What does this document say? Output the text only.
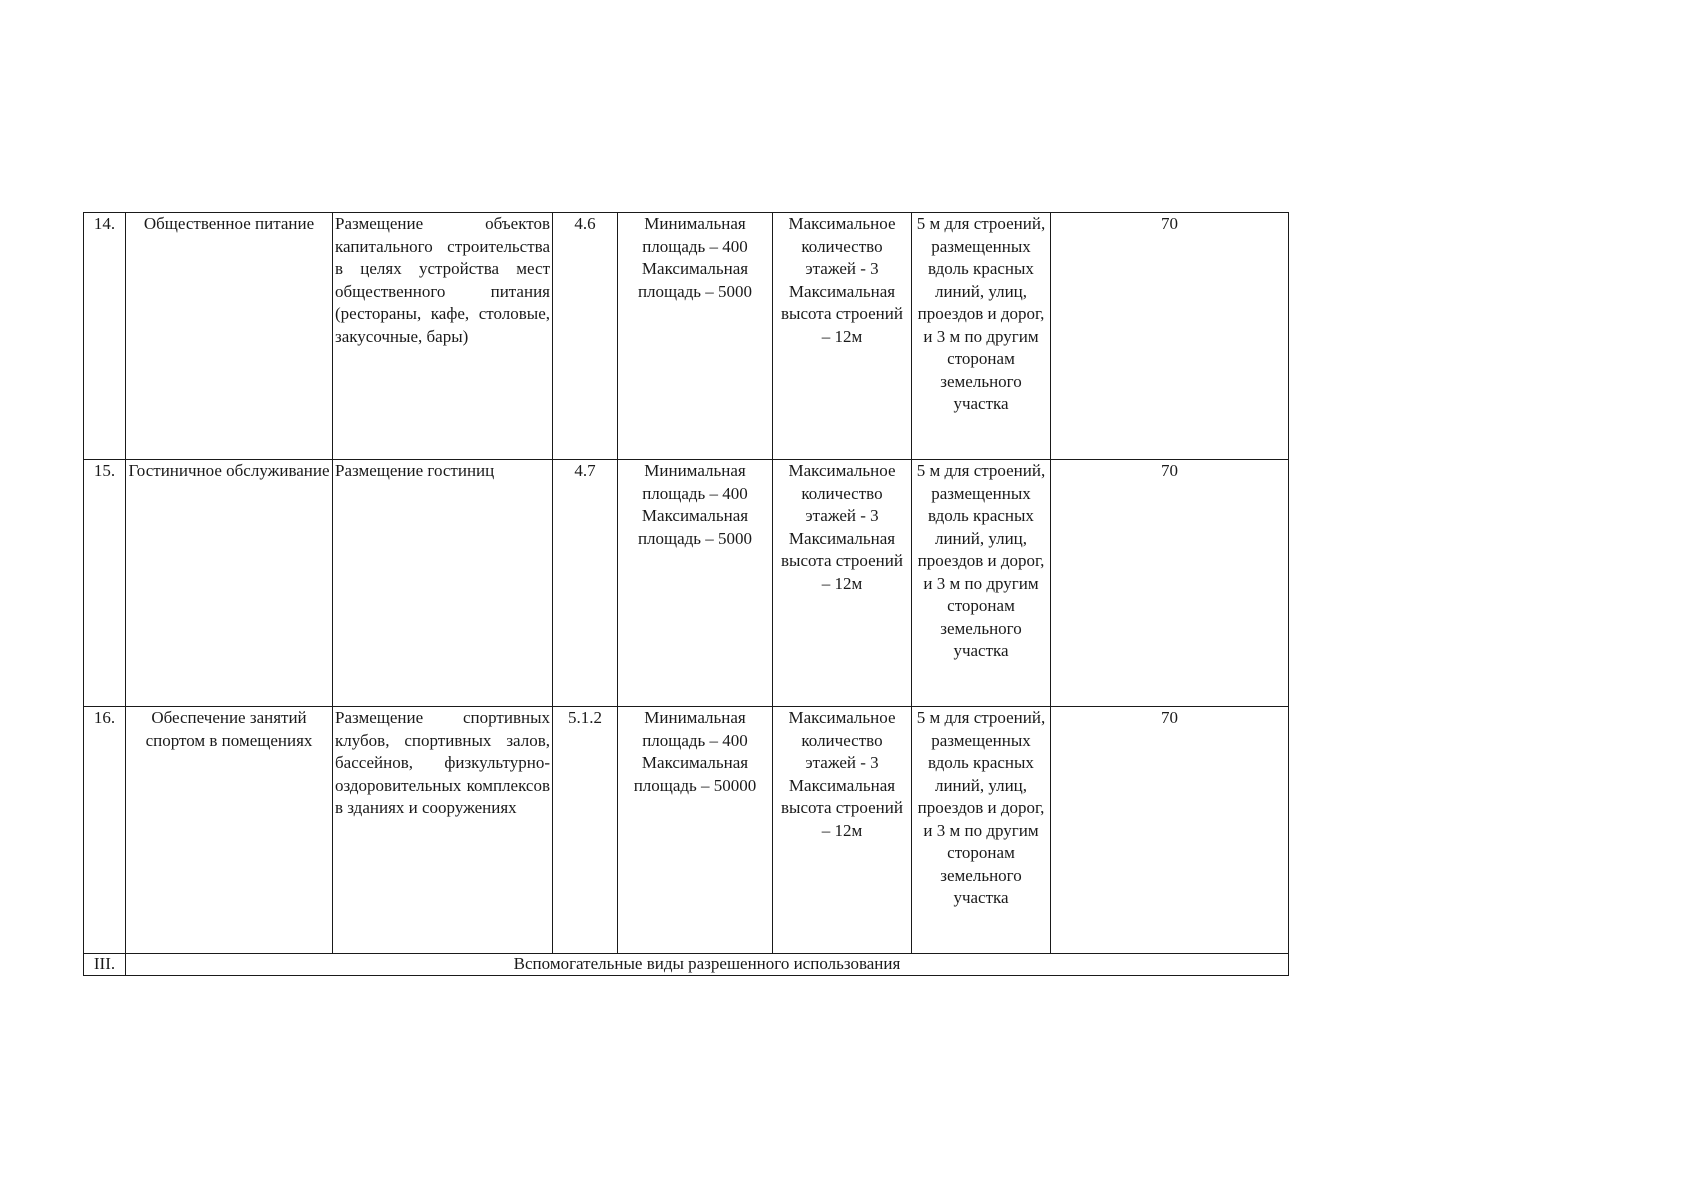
14.	Общественное питание	Размещение объектов капитального строительства в целях устройства мест общественного питания (рестораны, кафе, столовые, закусочные, бары)	4.6	Минимальная площадь – 400 Максимальная площадь – 5000	Максимальное количество этажей - 3 Максимальная высота строений – 12м	5 м для строений, размещенных вдоль красных линий, улиц, проездов и дорог, и 3 м по другим сторонам земельного участка	70
15.	Гостиничное обслуживание	Размещение гостиниц	4.7	Минимальная площадь – 400 Максимальная площадь – 5000	Максимальное количество этажей - 3 Максимальная высота строений – 12м	5 м для строений, размещенных вдоль красных линий, улиц, проездов и дорог, и 3 м по другим сторонам земельного участка	70
16.	Обеспечение занятий спортом в помещениях	Размещение спортивных клубов, спортивных залов, бассейнов, физкультурно-оздоровительных комплексов в зданиях и сооружениях	5.1.2	Минимальная площадь – 400 Максимальная площадь – 50000	Максимальное количество этажей - 3 Максимальная высота строений – 12м	5 м для строений, размещенных вдоль красных линий, улиц, проездов и дорог, и 3 м по другим сторонам земельного участка	70
III.	Вспомогательные виды разрешенного использования						
